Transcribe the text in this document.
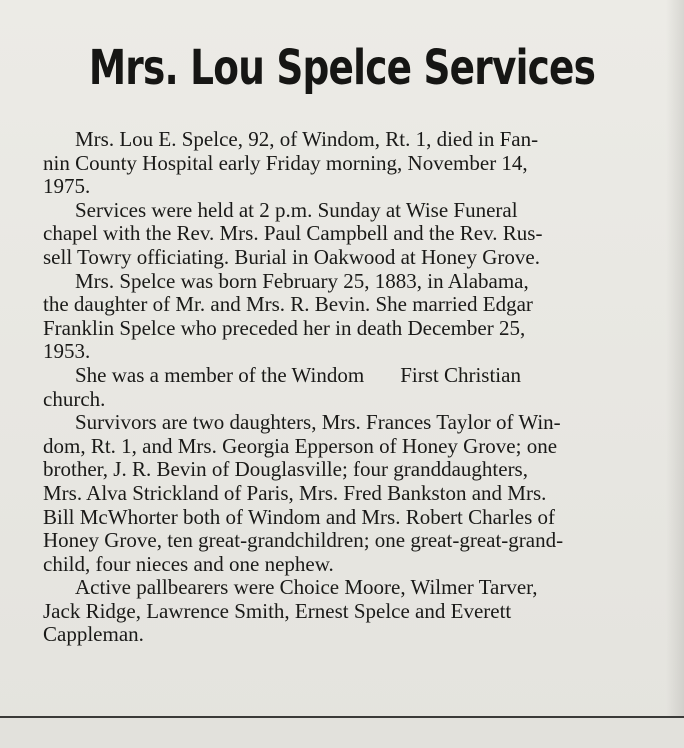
Mrs. Lou Spelce Services

Mrs. Lou E. Spelce, 92, of Windom, Rt. 1, died in Fan-
nin County Hospital early Friday morning, November 14,
1975.

Services were held at 2 p.m. Sunday at Wise Funeral
chapel with the Rev. Mrs. Paul Campbell and the Rev. Rus-
sell Towry officiating. Burial in Oakwood at Honey Grove.

Mrs. Spelce was born February 25, 1883, in Alabama,
the daughter of Mr. and Mrs. R. Bevin. She married Edgar
Franklin Spelce who preceded her in death December 25,
1953.

She was a member of the Windom First Christian
church.

Survivors are two daughters, Mrs. Frances Taylor of Win-
dom, Rt. 1, and Mrs. Georgia Epperson of Honey Grove; one
brother, J. R. Bevin of Douglasville; four granddaughters,
Mrs. Alva Strickland of Paris, Mrs. Fred Bankston and Mrs.
Bill McWhorter both of Windom and Mrs. Robert Charles of
Honey Grove, ten great-grandchildren; one great-great-grand-
child, four nieces and one nephew.

Active pallbearers were Choice Moore, Wilmer Tarver,
Jack Ridge, Lawrence Smith, Ernest Spelce and Everett
Cappleman.
